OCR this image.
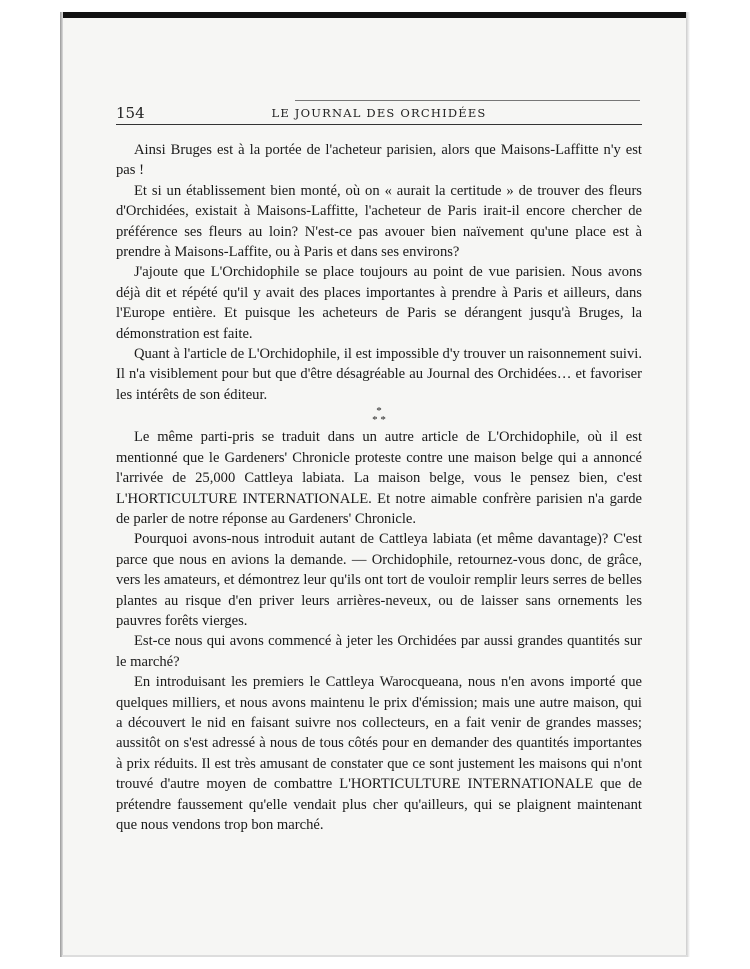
154	LE JOURNAL DES ORCHIDÉES

Ainsi Bruges est à la portée de l'acheteur parisien, alors que Maisons-Laffitte n'y est pas !

Et si un établissement bien monté, où on « aurait la certitude » de trouver des fleurs d'Orchidées, existait à Maisons-Laffitte, l'acheteur de Paris irait-il encore chercher de préférence ses fleurs au loin? N'est-ce pas avouer bien naïvement qu'une place est à prendre à Maisons-Laffite, ou à Paris et dans ses environs?

J'ajoute que L'Orchidophile se place toujours au point de vue parisien. Nous avons déjà dit et répété qu'il y avait des places importantes à prendre à Paris et ailleurs, dans l'Europe entière. Et puisque les acheteurs de Paris se dérangent jusqu'à Bruges, la démonstration est faite.

Quant à l'article de L'Orchidophile, il est impossible d'y trouver un raisonnement suivi. Il n'a visiblement pour but que d'être désagréable au Journal des Orchidées… et favoriser les intérêts de son éditeur.

*
* *

Le même parti-pris se traduit dans un autre article de L'Orchidophile, où il est mentionné que le Gardeners' Chronicle proteste contre une maison belge qui a annoncé l'arrivée de 25,000 Cattleya labiata. La maison belge, vous le pensez bien, c'est L'HORTICULTURE INTERNATIONALE. Et notre aimable confrère parisien n'a garde de parler de notre réponse au Gardeners' Chronicle.

Pourquoi avons-nous introduit autant de Cattleya labiata (et même davantage)? C'est parce que nous en avions la demande. — Orchidophile, retournez-vous donc, de grâce, vers les amateurs, et démontrez leur qu'ils ont tort de vouloir remplir leurs serres de belles plantes au risque d'en priver leurs arrières-neveux, ou de laisser sans ornements les pauvres forêts vierges.

Est-ce nous qui avons commencé à jeter les Orchidées par aussi grandes quantités sur le marché?

En introduisant les premiers le Cattleya Warocqueana, nous n'en avons importé que quelques milliers, et nous avons maintenu le prix d'émission; mais une autre maison, qui a découvert le nid en faisant suivre nos collecteurs, en a fait venir de grandes masses; aussitôt on s'est adressé à nous de tous côtés pour en demander des quantités importantes à prix réduits. Il est très amusant de constater que ce sont justement les maisons qui n'ont trouvé d'autre moyen de combattre L'HORTICULTURE INTERNATIONALE que de prétendre faussement qu'elle vendait plus cher qu'ailleurs, qui se plaignent maintenant que nous vendons trop bon marché.
